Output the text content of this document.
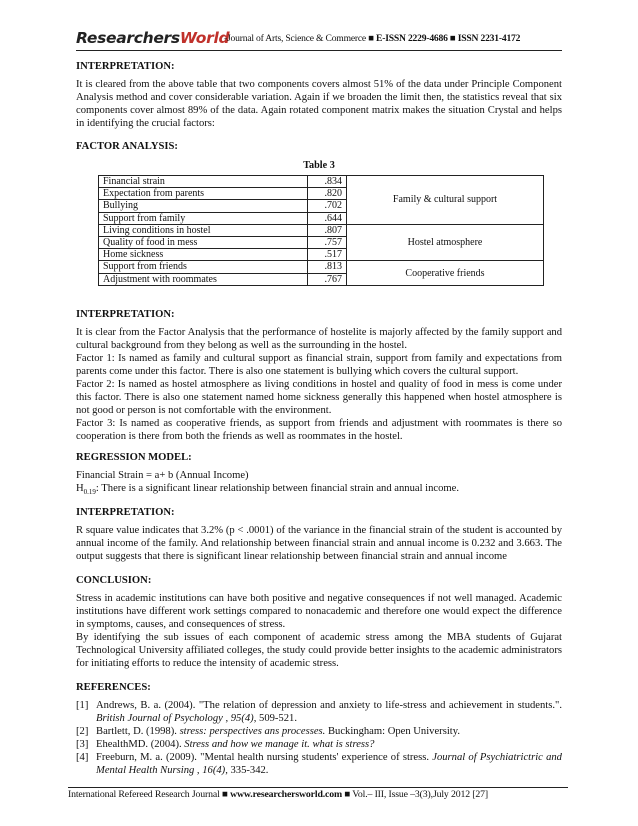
ResearchersWorld
-Journal of Arts, Science & Commerce ■ E-ISSN 2229-4686 ■ ISSN 2231-4172

INTERPRETATION:

It is cleared from the above table that two components covers almost 51% of the data under Principle Component Analysis method and cover considerable variation. Again if we broaden the limit then, the statistics reveal that six components cover almost 89% of the data. Again rotated component matrix makes the situation Crystal and helps in identifying the crucial factors:

FACTOR ANALYSIS:

Table 3
Financial strain	.834	Family & cultural support
Expectation from parents	.820	
Bullying	.702	
Support from family	.644	
Living conditions in hostel	.807	Hostel atmosphere
Quality of food in mess	.757	
Home sickness	.517	
Support from friends	.813	Cooperative friends
Adjustment with roommates	.767	

INTERPRETATION:

It is clear from the Factor Analysis that the performance of hostelite is majorly affected by the family support and cultural background from they belong as well as the surrounding in the hostel.

Factor 1: Is named as family and cultural support as financial strain, support from family and expectations from parents come under this factor. There is also one statement is bullying which covers the cultural support.

Factor 2: Is named as hostel atmosphere as living conditions in hostel and quality of food in mess is come under this factor. There is also one statement named home sickness generally this happened when hostel atmosphere is not good or person is not comfortable with the environment.

Factor 3: Is named as cooperative friends, as support from friends and adjustment with roommates is there so cooperation is there from both the friends as well as roommates in the hostel.

REGRESSION MODEL:

Financial Strain = a+ b (Annual Income)

$H_{0.19}$: There is a significant linear relationship between financial strain and annual income.

INTERPRETATION:

R square value indicates that 3.2% (p < .0001) of the variance in the financial strain of the student is accounted by annual income of the family. And relationship between financial strain and annual income is 0.232 and 3.663. The output suggests that there is significant linear relationship between financial strain and annual income

CONCLUSION:

Stress in academic institutions can have both positive and negative consequences if not well managed. Academic institutions have different work settings compared to nonacademic and therefore one would expect the difference in symptoms, causes, and consequences of stress.

By identifying the sub issues of each component of academic stress among the MBA students of Gujarat Technological University affiliated colleges, the study could provide better insights to the academic administrators for initiating efforts to reduce the intensity of academic stress.

REFERENCES:

[1] Andrews, B. a. (2004). "The relation of depression and anxiety to life-stress and achievement in students.". British Journal of Psychology , 95(4), 509-521.
[2] Bartlett, D. (1998). stress: perspectives ans processes. Buckingham: Open University.
[3] EhealthMD. (2004). Stress and how we manage it. what is stress?
[4] Freeburn, M. a. (2009). "Mental health nursing students' experience of stress. Journal of Psychiatrictric and Mental Health Nursing , 16(4), 335-342.
International Refereed Research Journal ■ www.researchersworld.com ■ Vol.– III, Issue –3(3),July 2012 [27]
